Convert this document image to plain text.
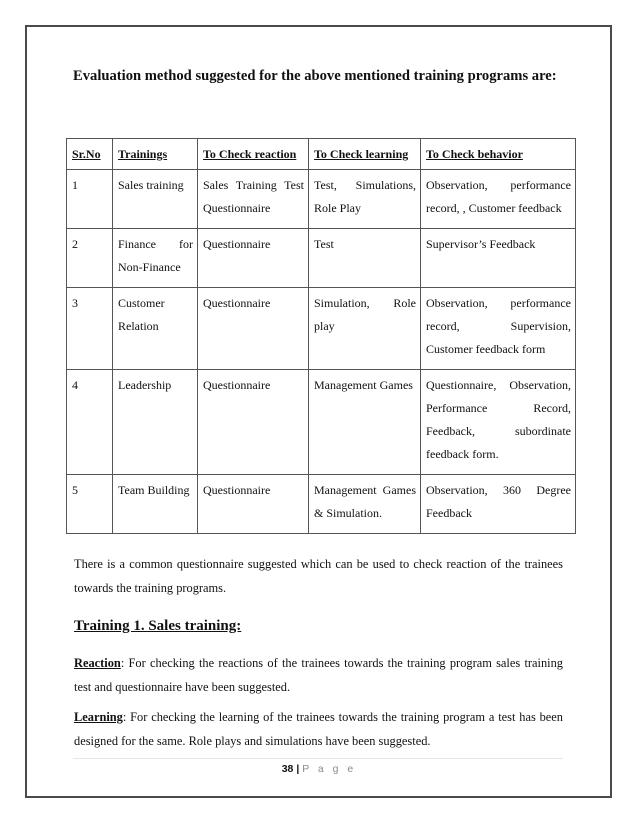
Evaluation method suggested for the above mentioned training programs are:
Sr.No	Trainings	To Check reaction	To Check learning	To Check behavior
1	Sales training	Sales Training Test Questionnaire	Test, Simulations, Role Play	Observation, performance record, , Customer feedback
2	Finance for Non-Finance	Questionnaire	Test	Supervisor’s Feedback
3	Customer Relation	Questionnaire	Simulation, Role play	Observation, performance record, Supervision, Customer feedback form
4	Leadership	Questionnaire	Management Games	Questionnaire, Observation, Performance Record, Feedback, subordinate feedback form.
5	Team Building	Questionnaire	Management Games & Simulation.	Observation, 360 Degree Feedback

There is a common questionnaire suggested which can be used to check reaction of the trainees towards the training programs.

Training 1. Sales training:

Reaction: For checking the reactions of the trainees towards the training program sales training test and questionnaire have been suggested.

Learning: For checking the learning of the trainees towards the training program a test has been designed for the same. Role plays and simulations have been suggested.

38 | P a g e
